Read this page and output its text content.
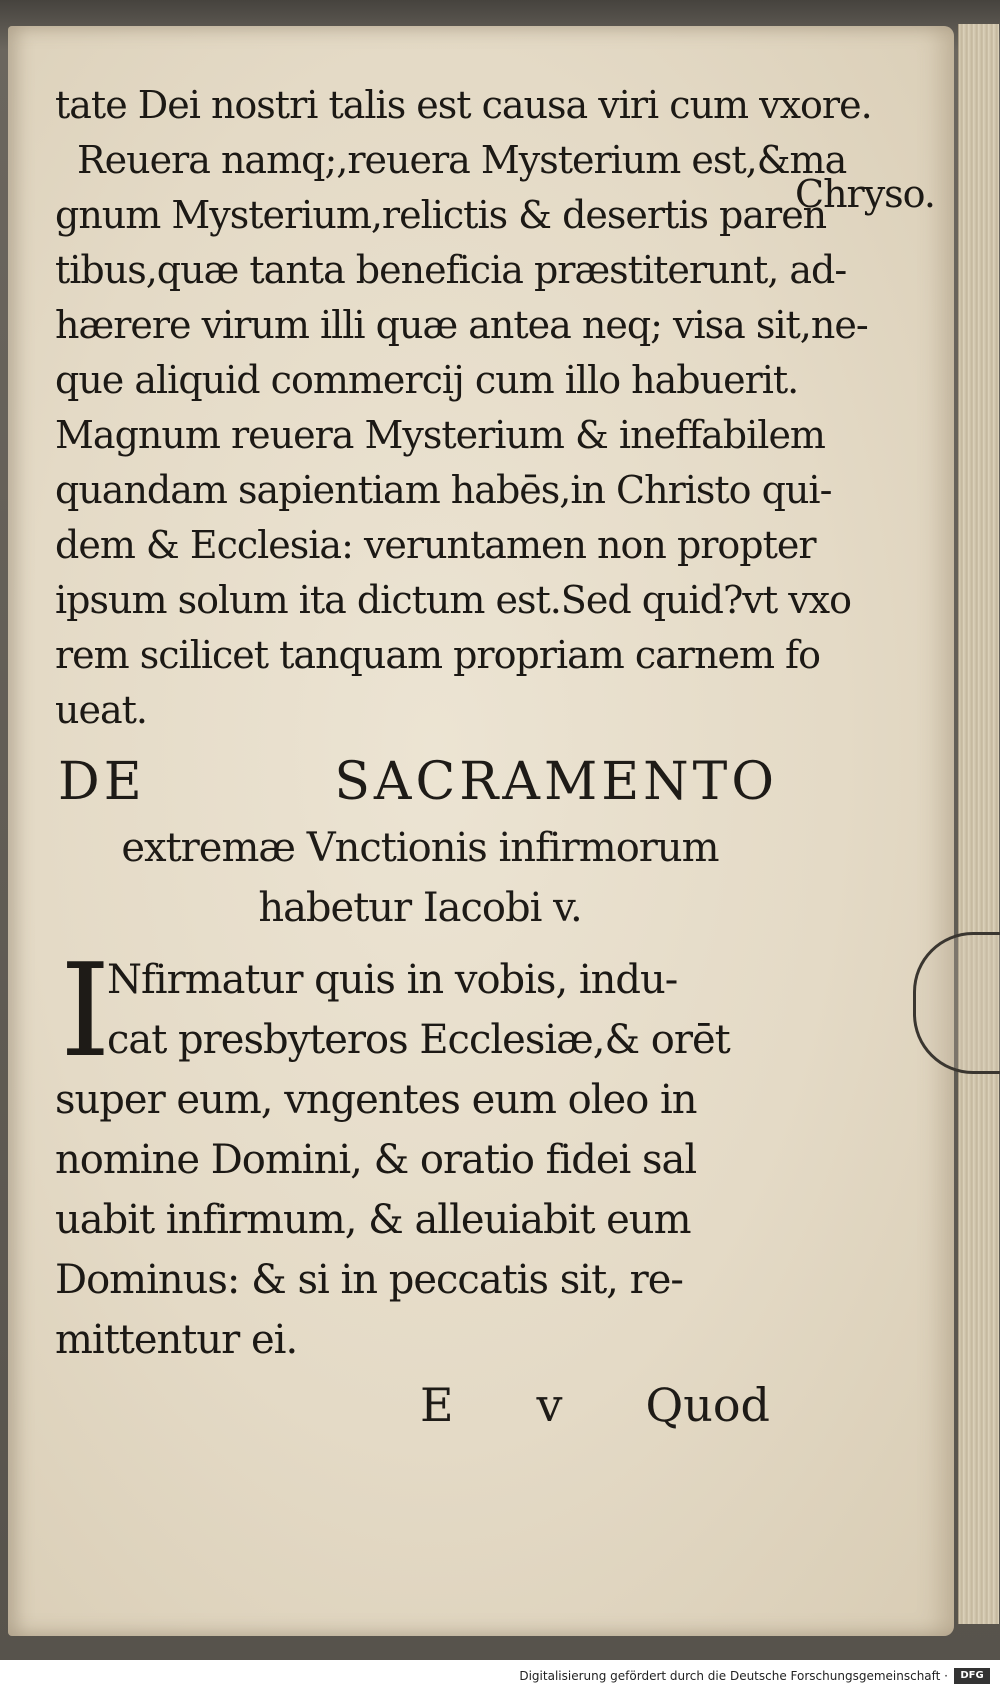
tate Dei nostri talis est causa viri cum vxore.
Reuera namq;,reuera Mysterium est,&ma
gnum Mysterium,relictis & desertis paren
tibus,quæ tanta beneficia præstiterunt, ad-
hærere virum illi quæ antea neq; visa sit,ne-
que aliquid commercij cum illo habuerit.
Magnum reuera Mysterium & ineffabilem
quandam sapientiam habēs,in Christo qui-
dem & Ecclesia: veruntamen non propter
ipsum solum ita dictum est.Sed quid?vt vxo
rem scilicet tanquam propriam carnem fo
ueat.
Chryso.
DE	SACRAMENTO
extremæ Vnctionis infirmorum
habetur Iacobi v.
I
Nfirmatur quis in vobis, indu-
cat presbyteros Ecclesiæ,& orēt
super eum, vngentes eum oleo in
nomine Domini, & oratio fidei sal
uabit infirmum, & alleuiabit eum
Dominus: & si in peccatis sit, re-
mittentur ei.
E v Quod
Digitalisierung gefördert durch die Deutsche Forschungsgemeinschaft ·	DFG
